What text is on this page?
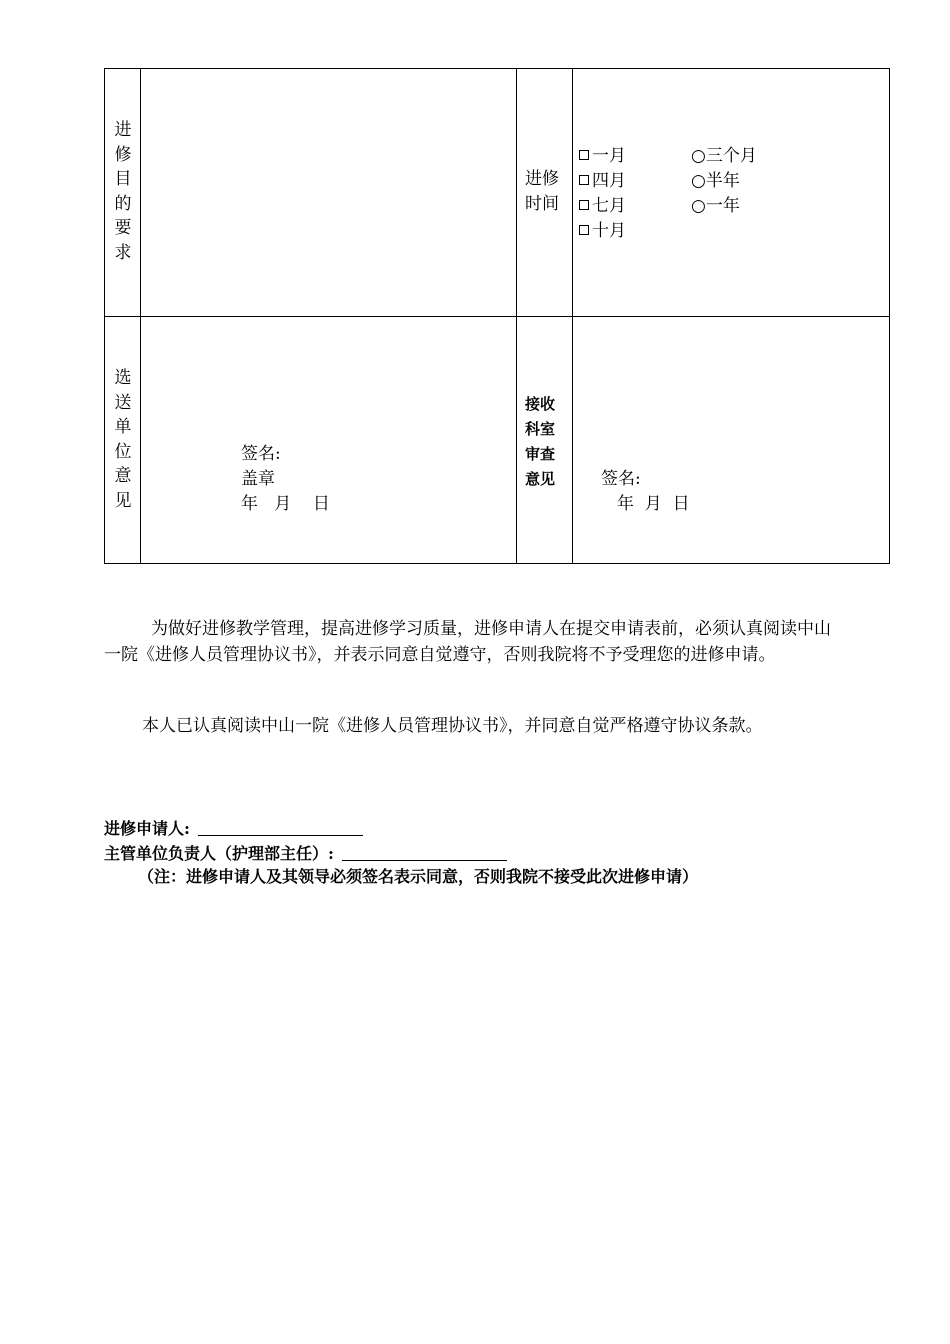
进
修
目
的
要
求
进修
时间
一月
四月
七月
十月
○三个月
○半年
○一年
选
送
单
位
意
见
签名:
盖章
年   月    日
接收
科室
审查
意见	签名:
年  月  日
为做好进修教学管理，提高进修学习质量，进修申请人在提交申请表前，必须认真阅读中山一院《进修人员管理协议书》，并表示同意自觉遵守，否则我院将不予受理您的进修申请。
本人已认真阅读中山一院《进修人员管理协议书》，并同意自觉严格遵守协议条款。
进修申请人:
主管单位负责人（护理部主任）:
（注：进修申请人及其领导必须签名表示同意，否则我院不接受此次进修申请）
